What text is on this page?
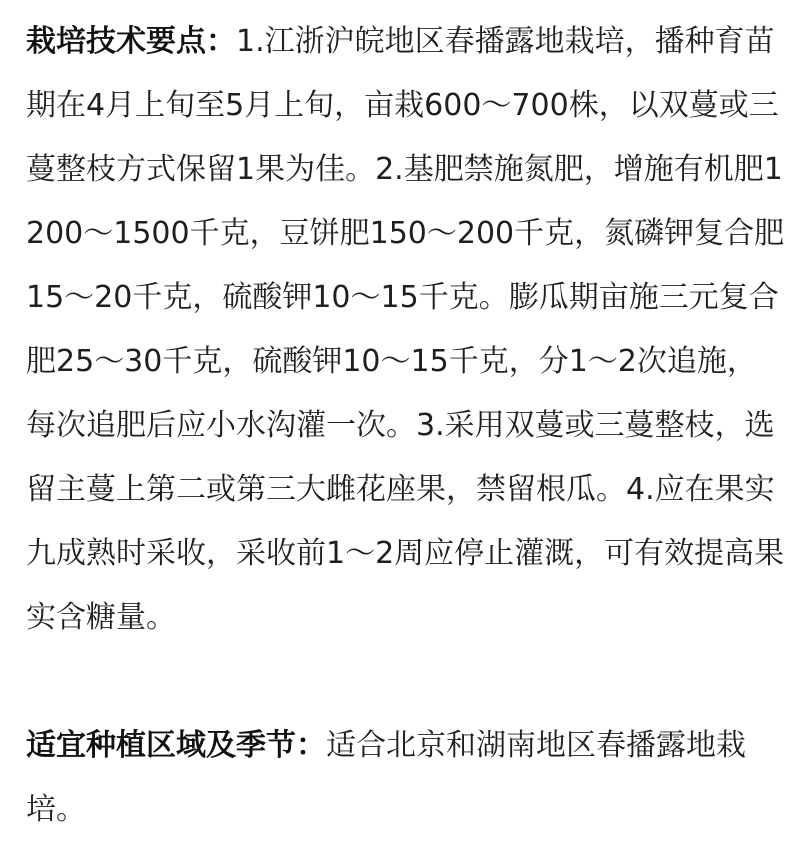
栽培技术要点：1.江浙沪皖地区春播露地栽培，播种育苗期在4月上旬至5月上旬，亩栽600～700株，以双蔓或三蔓整枝方式保留1果为佳。2.基肥禁施氮肥，增施有机肥1200～1500千克，豆饼肥150～200千克，氮磷钾复合肥15～20千克，硫酸钾10～15千克。膨瓜期亩施三元复合肥25～30千克，硫酸钾10～15千克，分1～2次追施，每次追肥后应小水沟灌一次。3.采用双蔓或三蔓整枝，选留主蔓上第二或第三大雌花座果，禁留根瓜。4.应在果实九成熟时采收，采收前1～2周应停止灌溉，可有效提高果实含糖量。

适宜种植区域及季节：适合北京和湖南地区春播露地栽培。
